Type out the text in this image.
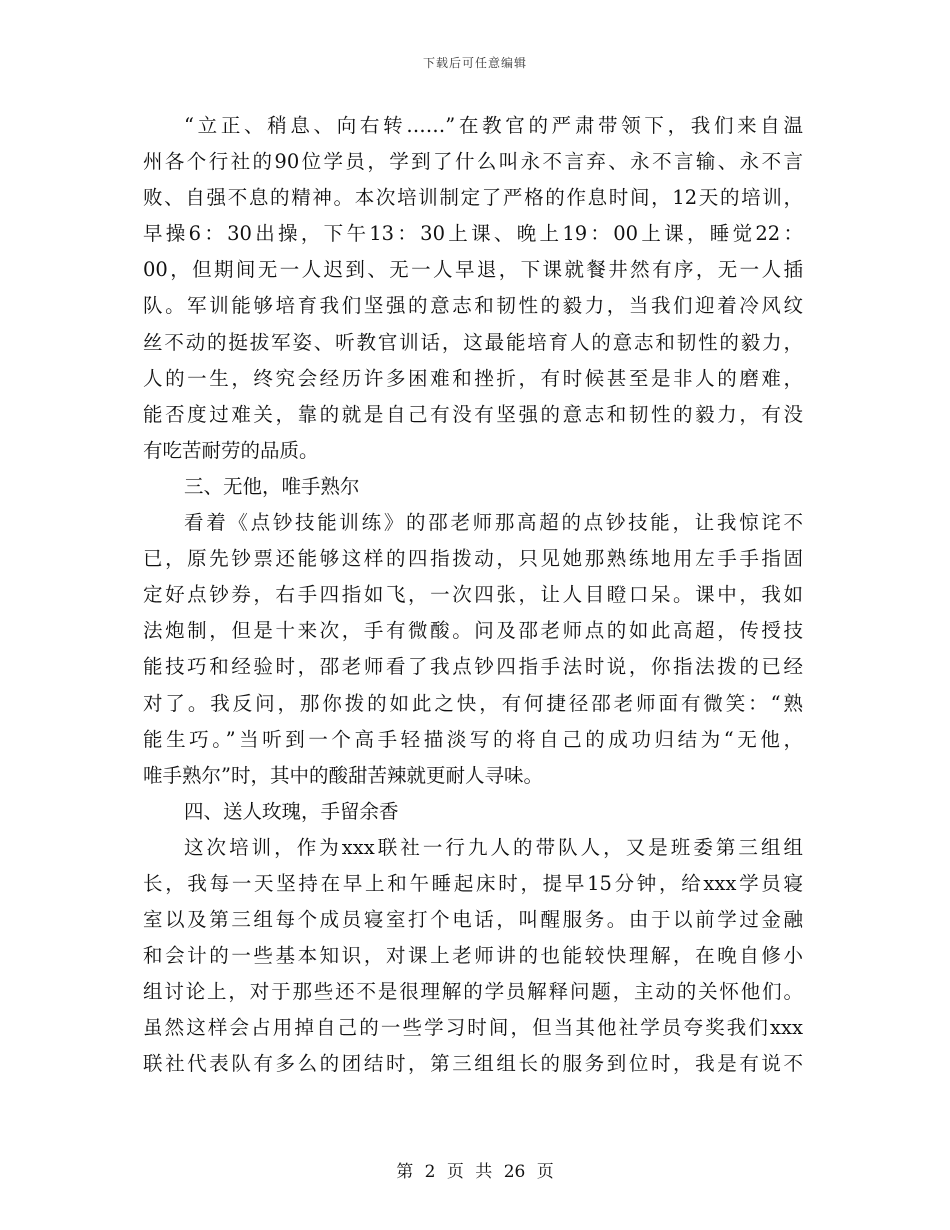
下载后可任意编辑
“立正、稍息、向右转……”在教官的严肃带领下，我们来自温
州各个行社的90位学员，学到了什么叫永不言弃、永不言输、永不言
败、自强不息的精神。本次培训制定了严格的作息时间，12天的培训，
早操6：30出操，下午13：30上课、晚上19：00上课，睡觉22：
00，但期间无一人迟到、无一人早退，下课就餐井然有序，无一人插
队。军训能够培育我们坚强的意志和韧性的毅力，当我们迎着冷风纹
丝不动的挺拔军姿、听教官训话，这最能培育人的意志和韧性的毅力，
人的一生，终究会经历许多困难和挫折，有时候甚至是非人的磨难，
能否度过难关，靠的就是自己有没有坚强的意志和韧性的毅力，有没
有吃苦耐劳的品质。
三、无他，唯手熟尔
看着《点钞技能训练》的邵老师那高超的点钞技能，让我惊诧不
已，原先钞票还能够这样的四指拨动，只见她那熟练地用左手手指固
定好点钞券，右手四指如飞，一次四张，让人目瞪口呆。课中，我如
法炮制，但是十来次，手有微酸。问及邵老师点的如此高超，传授技
能技巧和经验时，邵老师看了我点钞四指手法时说，你指法拨的已经
对了。我反问，那你拨的如此之快，有何捷径邵老师面有微笑：“熟
能生巧。”当听到一个高手轻描淡写的将自己的成功归结为“无他，
唯手熟尔”时，其中的酸甜苦辣就更耐人寻味。
四、送人玫瑰，手留余香
这次培训，作为xxx联社一行九人的带队人，又是班委第三组组
长，我每一天坚持在早上和午睡起床时，提早15分钟，给xxx学员寝
室以及第三组每个成员寝室打个电话，叫醒服务。由于以前学过金融
和会计的一些基本知识，对课上老师讲的也能较快理解，在晚自修小
组讨论上，对于那些还不是很理解的学员解释问题，主动的关怀他们。
虽然这样会占用掉自己的一些学习时间，但当其他社学员夸奖我们xxx
联社代表队有多么的团结时，第三组组长的服务到位时，我是有说不
第 2 页 共 26 页
